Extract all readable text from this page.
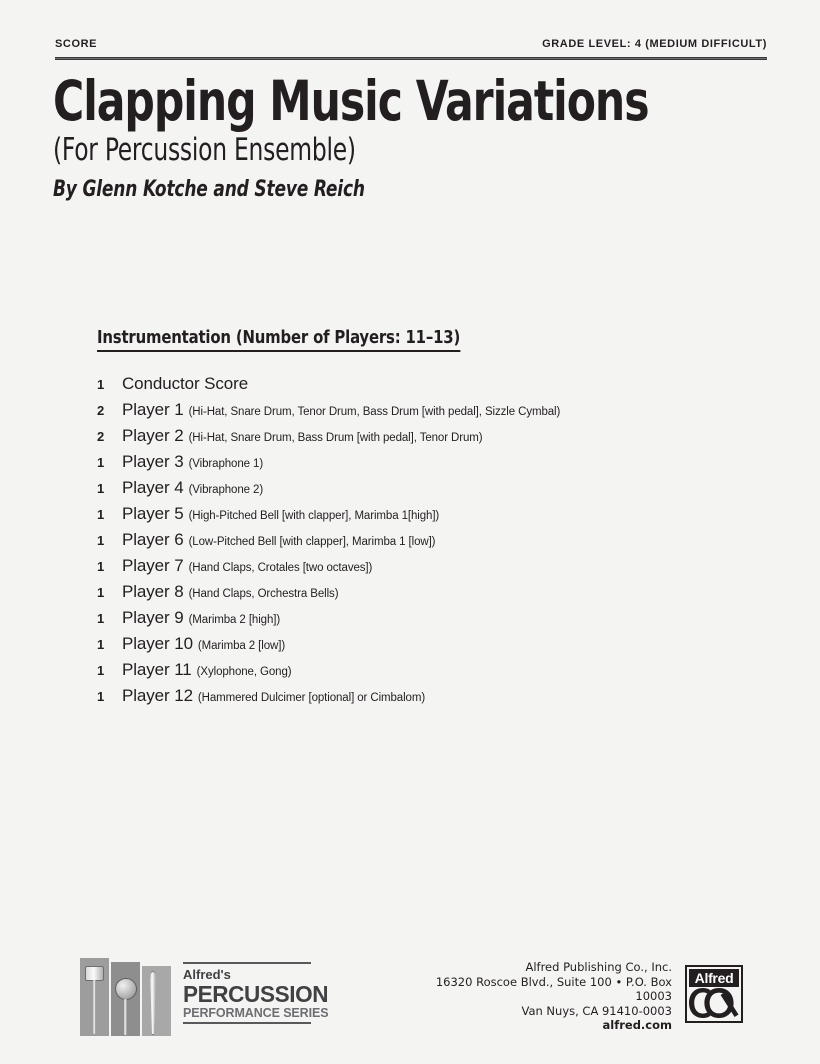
SCORE	GRADE LEVEL: 4 (MEDIUM DIFFICULT)
Clapping Music Variations
(For Percussion Ensemble)
By Glenn Kotche and Steve Reich
Instrumentation (Number of Players: 11–13)
1	Conductor Score
2	Player 1 (Hi-Hat, Snare Drum, Tenor Drum, Bass Drum [with pedal], Sizzle Cymbal)
2	Player 2 (Hi-Hat, Snare Drum, Bass Drum [with pedal], Tenor Drum)
1	Player 3 (Vibraphone 1)
1	Player 4 (Vibraphone 2)
1	Player 5 (High-Pitched Bell [with clapper], Marimba 1[high])
1	Player 6 (Low-Pitched Bell [with clapper], Marimba 1 [low])
1	Player 7 (Hand Claps, Crotales [two octaves])
1	Player 8 (Hand Claps, Orchestra Bells)
1	Player 9 (Marimba 2 [high])
1	Player 10 (Marimba 2 [low])
1	Player 11 (Xylophone, Gong)
1	Player 12 (Hammered Dulcimer [optional] or Cimbalom)
Alfred's
PERCUSSION
PERFORMANCE SERIES
Alfred Publishing Co., Inc.
16320 Roscoe Blvd., Suite 100 • P.O. Box 10003
Van Nuys, CA 91410-0003
alfred.com
Alfred
